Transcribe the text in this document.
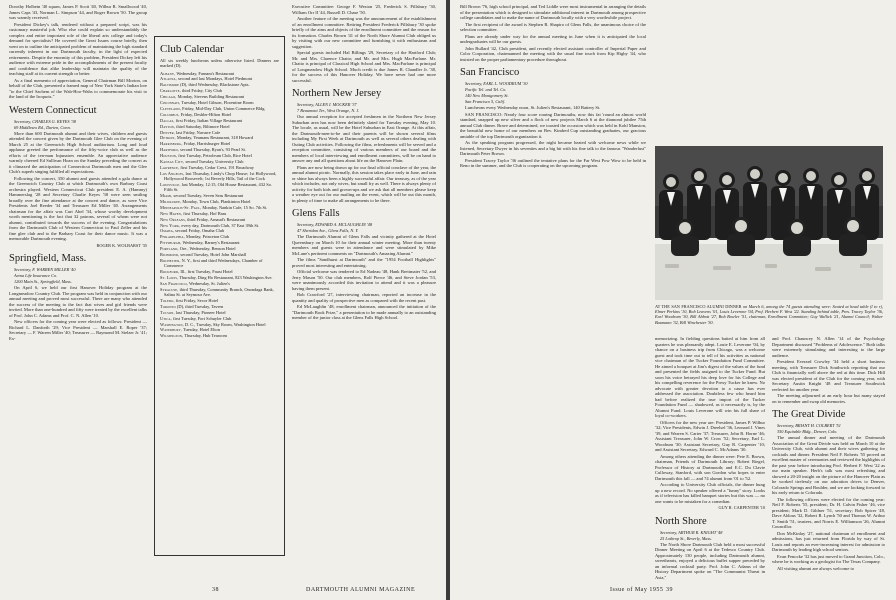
Dorothy Holbein '40 squaw, James P. Scott '40, Wilbur R. Smallwood '40, James Caps '43, Norman L. Simpson '44, and Roger Brown '50. The group was warmly received.

President Dickey's talk, rendered without a prepared script, was his customary masterful job. Who else could explain so understandably the complex and entire important role of the liberal arts college and today's demand for specialists? He covered the Great Issues course briefly, then went on to outline the anticipated problem of maintaining the high standard currently inherent in our Dartmouth faculty, in the light of expected retirements. Despite the enormity of this problem, President Dickey left his audience with extreme pride in the accomplishments of the present faculty and confidence that alike leadership will maintain the quality of the teaching staff at its current strength or better.

As a final memento of appreciation, General Chairman Bill Morton, on behalf of the Club, presented a framed map of New York State's Indian lore "to the Chief Sachem of the Wah-Hoo-Wahs to commemorate his visit to the land of the Iroquois."

Western Connecticut

Secretary, CHARLES G. KEYES '38

69 Middlesex Rd., Darien, Conn.

More than 600 Dartmouth alumni and their wives, children and guests attended the concert given by the Dartmouth Glee Club on the evening of March 25 at the Greenwich High School auditorium. Long and loud applause greeted the performance of the fifty-voice club as well as the efforts of the ten-man Injunaires ensemble. An appreciative audience warmly cheered Ed Sullivan Hoan on the Sunday preceding the concert as it climaxed the anticipation of Connecticut Dartmouth men and the Glee Club's superb singing fulfilled all expectations.

Following the concert, 350 alumni and guests attended a gala dance at the Greenwich Country Club at which Dartmouth's own Barbary Coast orchestra played. Western Connecticut Club president E. A. (Hammy) Hammerslag '28 and Secretary Charlie Keyes '38 were seen smiling broadly over the fine attendance at the concert and dance, as were Vice Presidents Joel Reeder '34 and Treasurer Ed Miller '40. Arrangements chairman for the affair was Curt Abel '34, whose worthy development worth mentioning is the fact that 32 patrons, several of whom were not alumni, contributed towards the success of the evening. Congratulations from the Dartmouth Club of Western Connecticut to Paul Zeller and his fine glee club and to the Barbary Coast for their dance music. It was a memorable Dartmouth evening.

ROGER K. WOLBARST '35

Springfield, Mass.

Secretary, F. WARREN MILLER '40

Aetna Life Insurance Co.

1200 Main St., Springfield, Mass.

On April 6, we held our first Hanover Holiday program at the Longmeadow Country Club. The program was held in conjunction with our annual meeting and proved most successful. There are many who attended the success of the meeting to the fact that wives and girl friends were invited. More than one-hundred and fifty were treated by the excellent talks of Prof. John C. Adams and Prof. C. N. Allen '10.

New officers for the coming year were elected as follows: President — Richard L. Danforth '29; Vice President — Marshall E. Roper '37; Secretary — F. Warren Miller '40; Treasurer — Raymond M. Stelzer Jr. '41; Ex-

Club Calendar
All six weekly luncheons unless otherwise listed. Dinners are marked (D).
Albany, Wednesday, Farnam's Restaurant
Atlanta, second and last Mondays, Hotel Piedmont
Baltimore (D), third Wednesday, Blackstone Apts.
Charlotte, third Friday, City Club
Chicago, Monday, Stevens Building Restaurant
Cincinnati, Tuesday, Hotel Gibson, Florentine Room
Cleveland, Friday, Mid-Day Club, Union Commerce Bldg.
Columbus, Friday, Deshler-Hilton Hotel
Dallas, first Friday, Italian Village Restaurant
Dayton, third Saturday, Biltmore Hotel
Denver, last Friday, Navarre Cafe
Detroit, Monday, Yeamans Restaurant, 318 Howard
Harrisburg, Friday, Harrisburger Hotel
Hartford, second Thursday, Ryan's, 93 Pearl St.
Houston, first Tuesday, Petroleum Club, Rice Hotel
Kansas City, second Tuesday, University Club
Lawrence, first Tuesday, Cedar Crest, 191 Broadway
Los Angeles, last Thursday, Lindy's Chop House; 1st Hollywood, Hollywood Roosevelt; 1st Beverly Hills, Tail of the Cock
Louisville, last Monday, 12:15, Old House Restaurant, 432 So. Fifth St.
Miami, second Tuesday, Seven Seas Restaurant
Milwaukee, Monday, Town Club, Plankinton Hotel
Minneapolis-St. Paul, Monday, Nankin Cafe, 15 So. 7th St.
New Haven, first Thursday, Hof Brau
New Orleans, third Friday, Arnaud's Restaurant
New York, every day, Dartmouth Club, 37 East 39th St.
Omaha, second Friday, Omaha Club
Philadelphia, Monday, Princeton Club
Pittsburgh, Wednesday, Barney's Restaurant
Portland, Ore., Wednesday, Benson Hotel
Richmond, second Tuesday, Hotel John Marshall
Rochester, N. Y., first and third Wednesdays, Chamber of Commerce
Rockford, Ill., first Tuesday, Faust Hotel
St. Louis, Thursday, Ding Ho Restaurant, 823 Washington Ave.
San Francisco, Wednesday, St. Julien's
Syracuse, third Thursday, Community Branch, Onondaga Bank, Salina St. at Seymour Ave.
Toledo, first Friday, Secor Hotel
Toronto (D), third Tuesday, Tavern
Tucson, last Thursday, Pioneer Hotel
Utica, first Tuesday, Fort Schuyler Club
Washington, D. C., Tuesday, Sky Room, Washington Hotel
Waterbury, Tuesday, Hotel Elton
Wilmington, Thursday, Hub Tearoom

Executive Committee: George F. Weston '25, Frederick S. Pillsbury '30, William Orr II '44, Russell D. Chase '50.

Another feature of the meeting was the announcement of the establishment of an enrollment committee. Retiring President Frederick Pillsbury '30 spoke briefly of the aims and objects of the enrollment committee and the reason for its formation. Charles Brown '41 of the North Shore Alumni Club obliged us by visiting with our new committee and furnishing it with enthusiasm and suggestion.

Special guests included Hal Billings '29, Secretary of the Hartford Club; Mr. and Mrs. Clarence Chatto; and Mr. and Mrs. Hugh MacFarlane. Mr. Chatto is principal of Classical High School and Mrs. MacFarlane is principal of Longmeadow High School. Much credit is due James R. Chandler Jr. '38, for the success of this Hanover Holiday. We have never had one more successful.

Northern New Jersey

Secretary, ALLEN I. MOCKER '37

7 Beaumont Ter., West Orange, N. J.

Our annual reception for accepted freshmen in the Northern New Jersey Suburban area has now been definitely slated for Tuesday evening, May 10. The locale, as usual, will be the Hotel Suburban in East Orange. At this affair, the Dartmouth-men-to-be and their parents will be shown several films including My First Week at Dartmouth as well as several others dealing with Outing Club activities. Following the films, refreshments will be served and a reception committee, consisting of various members of our board and the members of local interviewing and enrollment committees, will be on hand to answer any and all questions about life on the Hanover Plain.

Plans are now being drawn up for our final official conclave of the year, the annual alumni picnic. Normally, this session takes place early in June, and rain or shine has always been a highly successful affair. Our treasury, as of the year which includes, not only wives, but small fry as well. There is always plenty of activity for both kids and grown-ups and we ask that all members please keep a weather eye out for our mailing on the event, which will be out this month, in plenty of time to make all arrangements to be there.

Glens Falls

Secretary, EDWARD A. MCLAUGHLIN '48

47 Sheridan Ave., Glens Falls, N. Y.

The Dartmouth Alumni of Glens Falls and vicinity gathered at the Hotel Queensbury on March 10 for their annual winter meeting. More than twenty members and guests were in attendance and were stimulated by Mike McLane's pertinent comments on "Dartmouth's Amazing Alumni."

The films "Sandhurst at Dartmouth" and the "1954 Football Highlights" proved most interesting and entertaining.

Official welcome was tendered to Ed Nadeau '48, Hank Breitmaier '52, and Jerry Mason '50. Our club members, Rolf Pierce '46, and Steve Jordan '53, were unanimously accorded this invitation to attend and it was a pleasure having them present.

Bob Crawford '27, interviewing chairman, reported an increase in the quantity and quality of prospective men as compared with the recent past.

Ed McLaughlin '48, enrollment chairman, announced the initiation of the "Dartmouth Book Prize," a presentation to be made annually to an outstanding member of the junior class at the Glens Falls High School.

38	DARTMOUTH ALUMNI MAGAZINE

Bill Brown '76, high school principal, and Ted Liddle were most instrumental in arranging the details of the presentation which is designed to stimulate additional interest in Dartmouth among prospective college candidates and to make the name of Dartmouth locally with a very worthwhile project.

The first recipient of the award is Stephen R. Shapiro of Glens Falls, the unanimous choice of the selection committee.

Plans are already under way for the annual meeting in June when it is anticipated the local undergraduates will be our guests.

John Bullard '42, Club president, and recently elected assistant controller of Imperial Paper and Color Corporation, chairmanned the meeting with the usual fine touch from Kip Higby '44, who insisted on the proper parliamentary procedure throughout.

San Francisco

Secretary, EARL L. WOODRUM '30

Pacific Tel. and Tel. Co.

140 New Montgomery St.

San Francisco 5, Calif.

Luncheons every Wednesday noon, St. Julien's Restaurant, 140 Battery St.

SAN FRANCISCO: Nearly four score roaring Dartmouths, now this fat 'round an almost world standard, snapped up new silver and a flock of new projects March 6 at the diamond jubilee 75th annual Club dinner. Brave and determined, we toasted the occasion which was held in Kohl Mansion, the beautiful new home of our members on Bev. Kindred Cup outstanding graduates, our gracious amiable of the top Dartmouth organization it.

As the speaking program progressed, the night became heated with welcome news while we listened, Secretary Dwyer in his seventies and a big hit with his fine talk to the famous "Wanderlust" Dartmouth Peter Brown.

President Tracey Taylor '36 outlined the tentative plans for the Far West Pow Wow to be held in Reno in the summer, and the Club is cooperating on the upcoming program.

AT THE SAN FRANCISCO ALUMNI DINNER on March 6, among the 74 guests attending were: Seated at head table (l to r), Elmer Perkins '10, Bob Leavens '01, Louis Leverone '04, Prof. Herbert F. West '22. Standing behind table, Pres. Tracey Taylor '36, Earl Woodrum '30, Bill Abbott '27, Bob Bowler '51, chairman, Enrollment Committee; Guy Wallick '21, Alumni Council; Walter Baumann '32, Bill Winchester '30.

memorizing. In fielding questions batted at him from all quarters he was pleasantly adept. Louie E. Leverone '04, by chance on a business trip from Chicago, was a welcome guest and took time out to tell of his activities as national vice chairman of the Tucker Foundation Fund Committee. He aimed a bouquet at Jim's digest of the values of the fund and presented the fields assigned to the Tucker Fund. But soon his voice betrayed his deep love for his College and his compelling reverence for the Prexy Tucker he knew. No advocate with greater devotion to a cause has ever addressed the association. Doubtless few who heard him had before realized the true import of the Tucker Foundation Fund — shadowed, as it necessarily is, by the Alumni Fund. Louis Leverone will win his full share of loyal co-workers.

Officers for the new year are: President, James P. Wilbur '32; Vice Presidents, Edwin J. Dreelsel '36, Leonard J. Vines '39, and Warren S. Carter '37; Treasurer, John R. Horne '46; Assistant Treasurer, John W. Crow '52; Secretary, Earl L. Woodrum '30; Assistant Secretary, Guy R. Carpenter '10; and Assistant Secretary, Edward C. McAdams '30.

Among others attending the dinner were: Pete E. Brown, chairman, Friends of Dartmouth Library; Robert Riegel, Professor of History at Dartmouth; and E.C. Du Clavie Culloway, Stanford, with son Gordon who hopes to enter Dartmouth this fall — and 74 alumni from '01 to '52.

According to University Club officials, the dinner hung up a new record. No speaker offered a "funny" story. Looks as if television has killed banquet stories but this was — no one wants to be mistaken for a comedian.

GUY R. CARPENTER '10

North Shore

Secretary, ARTHUR R. KNIGHT '48

25 Lothrop St., Beverly, Mass.

The North Shore Dartmouth Club held a most successful Dinner Meeting on April 6 at the Tedesco Country Club. Approximately 130 people, including Dartmouth alumni, sweethearts, enjoyed a delicious buffet supper preceded by an informal cocktail party. Prof. John C. Adams of the History Department spoke on "The Communist Threat in Asia,"

and Prof. Chauncey N. Allen '14 of the Psychology Department discussed "Problems of Adolescence." Both talks were extremely stimulating and interesting to the large audience.

President Everard Crowley '34 held a short business meeting, with Treasurer Dick Southwick reporting that our Club is financially well above the red at this time. Dick Hill was elected president of the Club for the coming year, with Secretary Austin Knight '48 and Treasurer Southwick reelected for another year.

The meeting adjourned at an early hour but many stayed on to remember and swap old memories.

The Great Divide

Secretary, BRIANT H. COLBERT '51

350 Equitable Bldg., Denver, Colo.

The annual dinner and meeting of the Dartmouth Association of the Great Divide was held on March 10 at the University Club, with alumni and their wives gathering for cocktails and dinner. President Neil F. Roberts '55 proved an excellent master of ceremonies and reviewed the highlights of the past year before introducing Prof. Herbert F. West '22 as our main speaker. Herb's talk was most refreshing and showed a 20-20 insight on the picture of the Hanover Plain as he worked tirelessly on our adoration drives to Denver, Colorado Springs and Boulder, and we are looking forward to his early return to Colorado.

The following officers were elected for the coming year: Neil F. Roberts '55, president; Dr. H. Calvin Fisher '46, vice president; Mark D. Gildner '51, secretary; Bob Spicer '48, Dave Aldous '32, Robert R. Lynch '50 and Thomas W. Arthur T. Smith '51, trustees, and Norris E. Williamson '26, Alumni Councillor.

Don McKinlay '27, national chairman of enrollment and admissions, has just returned from Florida by way of St. Louis and reports an ever-increasing interest for admission to Dartmouth by leading high school seniors.

Evan Fenocke '32 has just moved to Grand Junction, Colo., where he is working as a geologist for The Texas Company.

All visiting alumni are always welcome to

Issue of May 1955 39
